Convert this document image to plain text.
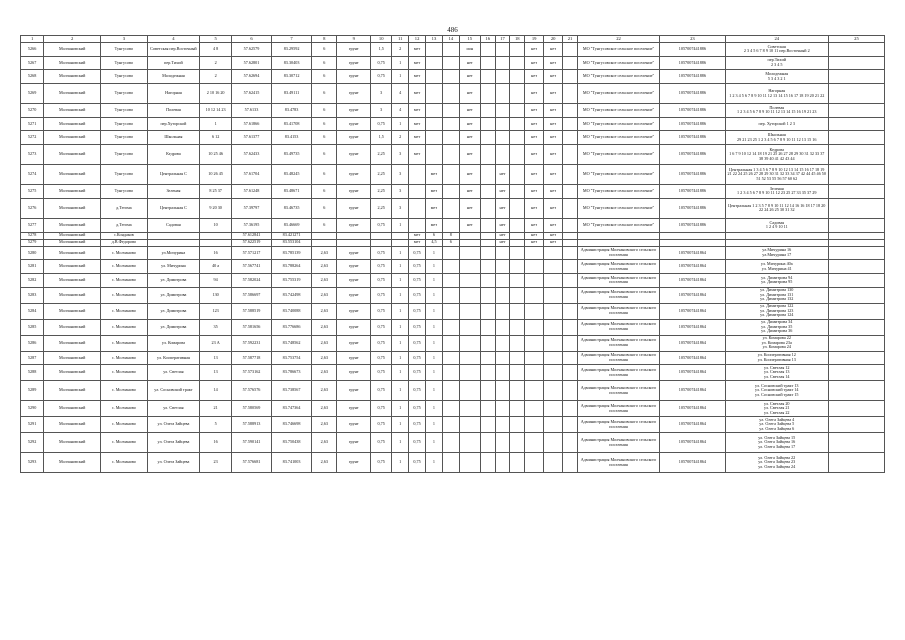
486
1	2	3	4	5	6	7	8	9	10	11	12	13	14	15	16	17	18	19	20	21	22	23	24	25
5266	Молчановский	Тунгусово	Советская пер.Восточный	4 8	57.62579	83.29592	6	грунт	1,5	2	мет			ион				нет	нет		МО "Тунгусовское сельское поселение"	1057007441886	Советская
2 3 4 5 6 7 8 9 10 11 пер.Восточный 2	
5267	Молчановский	Тунгусово	пер.Тихий	2	57.62801	83.30403	6	грунт	0,75	1	мет			нет				нет	нет		МО "Тунгусовское сельское поселение"	1057007441886	пер.Тихий
2 3 4 5	
5268	Молчановский	Тунгусово	Молодежная	2	57.62694	83.30712	6	грунт	0,75	1	мет			нет				нет	нет		МО "Тунгусовское сельское поселение"	1057007441886	Молодежная
5 3 4 3 2 1	
5269	Молчановский	Тунгусово	Нагорная	2 10 16 20	57.62415	83.49111	6	грунт	3	4	мет			нет				нет	нет		МО "Тунгусовское сельское поселение"	1057007441886	Нагорная
1 2 3 4 5 6 7 8 9 10 11 12 13 14 15 16 17 18 19 20 21 22	
5270	Молчановский	Тунгусово	Полевая	10 12 14 23	57.6133	83.4783	6	грунт	3	4	мет			нет				нет	нет		МО "Тунгусовское сельское поселение"	1057007441886	Полевая
1 2 3 4 5 6 7 8 9 10 11 12 13 14 15 16 19 21 23	
5271	Молчановский	Тунгусово	пер.Хуторской	1	57.61866	83.41708	6	грунт	0,75	1	мет			нет				нет	нет		МО "Тунгусовское сельское поселение"	1057007441886	пер. Хуторской 1 2 3	
5272	Молчановский	Тунгусово	Школьная	6 12	57.61377	83.4153	6	грунт	1,5	2	мет			нет				нет	нет		МО "Тунгусовское сельское поселение"	1057007441886	Школьная
29 21 23 25 1 2 3 4 5 6 7 8 9 10 11 12 13 15 16	
5273	Молчановский	Тунгусово	Кедрова	10 25 46	57.62433	83.49735	6	грунт	2,25	3	мет			нет				нет	нет		МО "Тунгусовское сельское поселение"	1057007441886	Кедрова
1 6 7 9 10 12 14 18 19 21 25 26 27 28 29 30 31 32 33 37 38 39 40 41 42 43 44	
5274	Молчановский	Тунгусово	Центральная С	10 26 45	57.61704	83.48245	6	грунт	2,25	3		мет		нет		нет		нет	нет		МО "Тунгусовское сельское поселение"	1057007441886	Центральная 1 3 4 5 6 7 8 9 10 12 13 14 15 16 17 18 19 21 22 24 25 26 27 28 29 30 31 32 33 34 37 42 44 45 46 50 51 52 53 55 56 57 60 62	
5275	Молчановский	Тунгусово	Зеленая	8 25 37	57.61248	83.48671	6	грунт	2,25	3		мет		нет		нет		нет	нет		МО "Тунгусовское сельское поселение"	1057007441886	Зеленая
1 2 3 4 5 6 7 8 9 10 11 12 23 25 27 33 35 37 29	
5276	Молчановский	д.Тегома	Центральная С	9 20 30	57.39797	83.46735	6	грунт	2,25	3		мет		нет		нет		нет	нет		МО "Тунгусовское сельское поселение"	1057007441886	Центральная 1 2 3 5 7 8 9 10 11 12 14 16 16 18 17 18 20 22 24 26 25 30 31 32	
5277	Молчановский	д.Тегома	Садовая	10	57.36195	83.46669	6	грунт	0,75	1		мет		нет		нет		нет	нет		МО "Тунгусовское сельское поселение"	1057007441886	Садовая
1 2 4 9 10 11	
5278	Молчановский	с.Кондаков			57.612841	83.421271					мет	6	8			нет		нет	нет					
5279	Молчановский	д.В.Федорово			57.622519	83.553104					мет	4,5	6			нет		нет	нет					
5280	Молчановский	с. Молчаново	ул.Мичурина	16	57.571217	83.785139	2,63	грунт	0,75	1	0,75	1									Администрация Молчановского сельского поселения	1057007441864	ул.Мичурина 16
ул.Мичурина 17	
5281	Молчановский	с. Молчаново	ул. Мичурина	40 а	57.567741	83.788264	2,63	грунт	0,75	1	0,75	1									Администрация Молчановского сельского поселения	1057007441864	ул. Мичурина 40а
ул. Мичурина 41	
5282	Молчановский	с. Молчаново	ул. Димитрова	94	57.582024	83.755319	2,63	грунт	0,75	1	0,75	1									Администрация Молчановского сельского поселения	1057007441864	ул. Димитрова 94
ул. Димитрова 95	
5283	Молчановский	с. Молчаново	ул. Димитрова	130	57.586697	83.742498	2,63	грунт	0,75	1	0,75	1									Администрация Молчановского сельского поселения	1057007441864	ул. Димитрова 130
ул. Димитрова 131
ул. Димитрова 132	
5284	Молчановский	с. Молчаново	ул. Димитрова	123	57.588519	83.740088	2,63	грунт	0,75	1	0,75	1									Администрация Молчановского сельского поселения	1057007441864	ул. Димитрова 122
ул. Димитрова 123
ул. Димитрова 124	
5285	Молчановский	с. Молчаново	ул. Димитрова	35	57.581656	83.776686	2,63	грунт	0,75	1	0,75	1									Администрация Молчановского сельского поселения	1057007441864	ул. Димитрова 34
ул. Димитрова 35
ул. Димитрова 36	
5286	Молчановский	с. Молчаново	ул. Комарова	23 А	57.592231	83.748562	2,63	грунт	0,75	1	0,75	1									Администрация Молчановского сельского поселения	1057007441864	ул. Комарова 22
ул. Комарова 23а
ул. Комарова 24	
5287	Молчановский	с. Молчаново	ул. Кооперативная	13	57.587718	83.753754	2,63	грунт	0,75	1	0,75	1									Администрация Молчановского сельского поселения	1057007441864	ул. Кооперативная 12
ул. Кооперативная 13	
5288	Молчановский	с. Молчаново	ул. Светлая	13	57.573162	83.786673	2,63	грунт	0,75	1	0,75	1									Администрация Молчановского сельского поселения	1057007441864	ул. Светлая 12
ул. Светлая 13
ул. Светлая 14	
5289	Молчановский	с. Молчаново	ул. Сосновский тракт	14	57.576576	83.738567	2,63	грунт	0,75	1	0,75	1									Администрация Молчановского сельского поселения	1057007441864	ул. Сосновский тракт 13
ул. Сосновский тракт 14
ул. Сосновский тракт 15	
5290	Молчановский	с. Молчаново	ул. Светлая	21	57.580569	83.747364	2,63	грунт	0,75	1	0,75	1									Администрация Молчановского сельского поселения	1057007441864	ул. Светлая 20
ул. Светлая 21
ул. Светлая 22	
5291	Молчановский	с. Молчаново	ул. Олега Зайцева	5	57.588913	83.746698	2,63	грунт	0,75	1	0,75	1									Администрация Молчановского сельского поселения	1057007441864	ул. Олега Зайцева 4
ул. Олега Зайцева 5
ул. Олега Зайцева 6	
5292	Молчановский	с. Молчаново	ул. Олега Зайцева	16	57.590141	83.750438	2,63	грунт	0,75	1	0,75	1									Администрация Молчановского сельского поселения	1057007441864	ул. Олега Зайцева 15
ул. Олега Зайцева 16
ул. Олега Зайцева 17	
5293	Молчановский	с. Молчаново	ул. Олега Зайцева	23	57.576681	83.741003	2,63	грунт	0,75	1	0,75	1									Администрация Молчановского сельского поселения	1057007441864	ул. Олега Зайцева 22
ул. Олега Зайцева 23
ул. Олега Зайцева 24	
